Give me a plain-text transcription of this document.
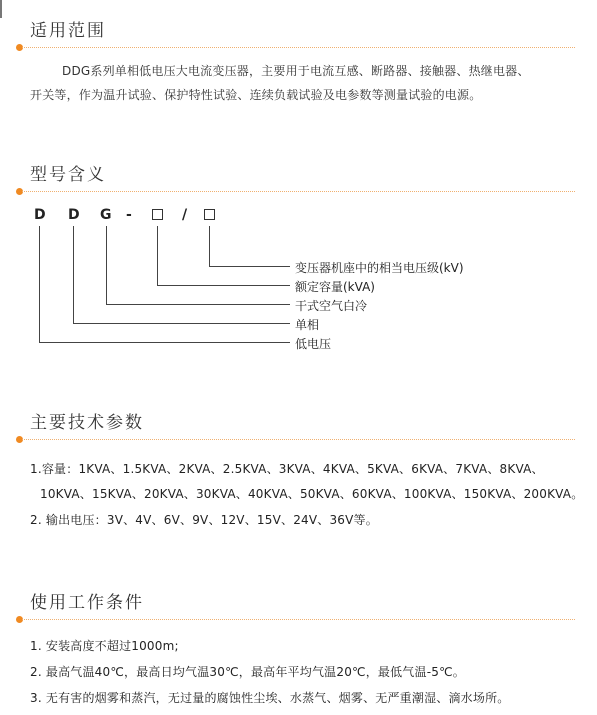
适用范围
DDG系列单相低电压大电流变压器，主要用于电流互感、断路器、接触器、热继电器、
开关等，作为温升试验、保护特性试验、连续负载试验及电参数等测量试验的电源。
型号含义
D D G -	/
变压器机座中的相当电压级(kV)
额定容量(kVA)
干式空气白冷
单相
低电压
主要技术参数
1.容量：1KVA、1.5KVA、2KVA、2.5KVA、3KVA、4KVA、5KVA、6KVA、7KVA、8KVA、
10KVA、15KVA、20KVA、30KVA、40KVA、50KVA、60KVA、100KVA、150KVA、200KVA。
2. 输出电压：3V、4V、6V、9V、12V、15V、24V、36V等。
使用工作条件
1. 安装高度不超过1000m;
2. 最高气温40℃，最高日均气温30℃，最高年平均气温20℃，最低气温-5℃。
3. 无有害的烟雾和蒸汽，无过量的腐蚀性尘埃、水蒸气、烟雾、无严重潮湿、滴水场所。
